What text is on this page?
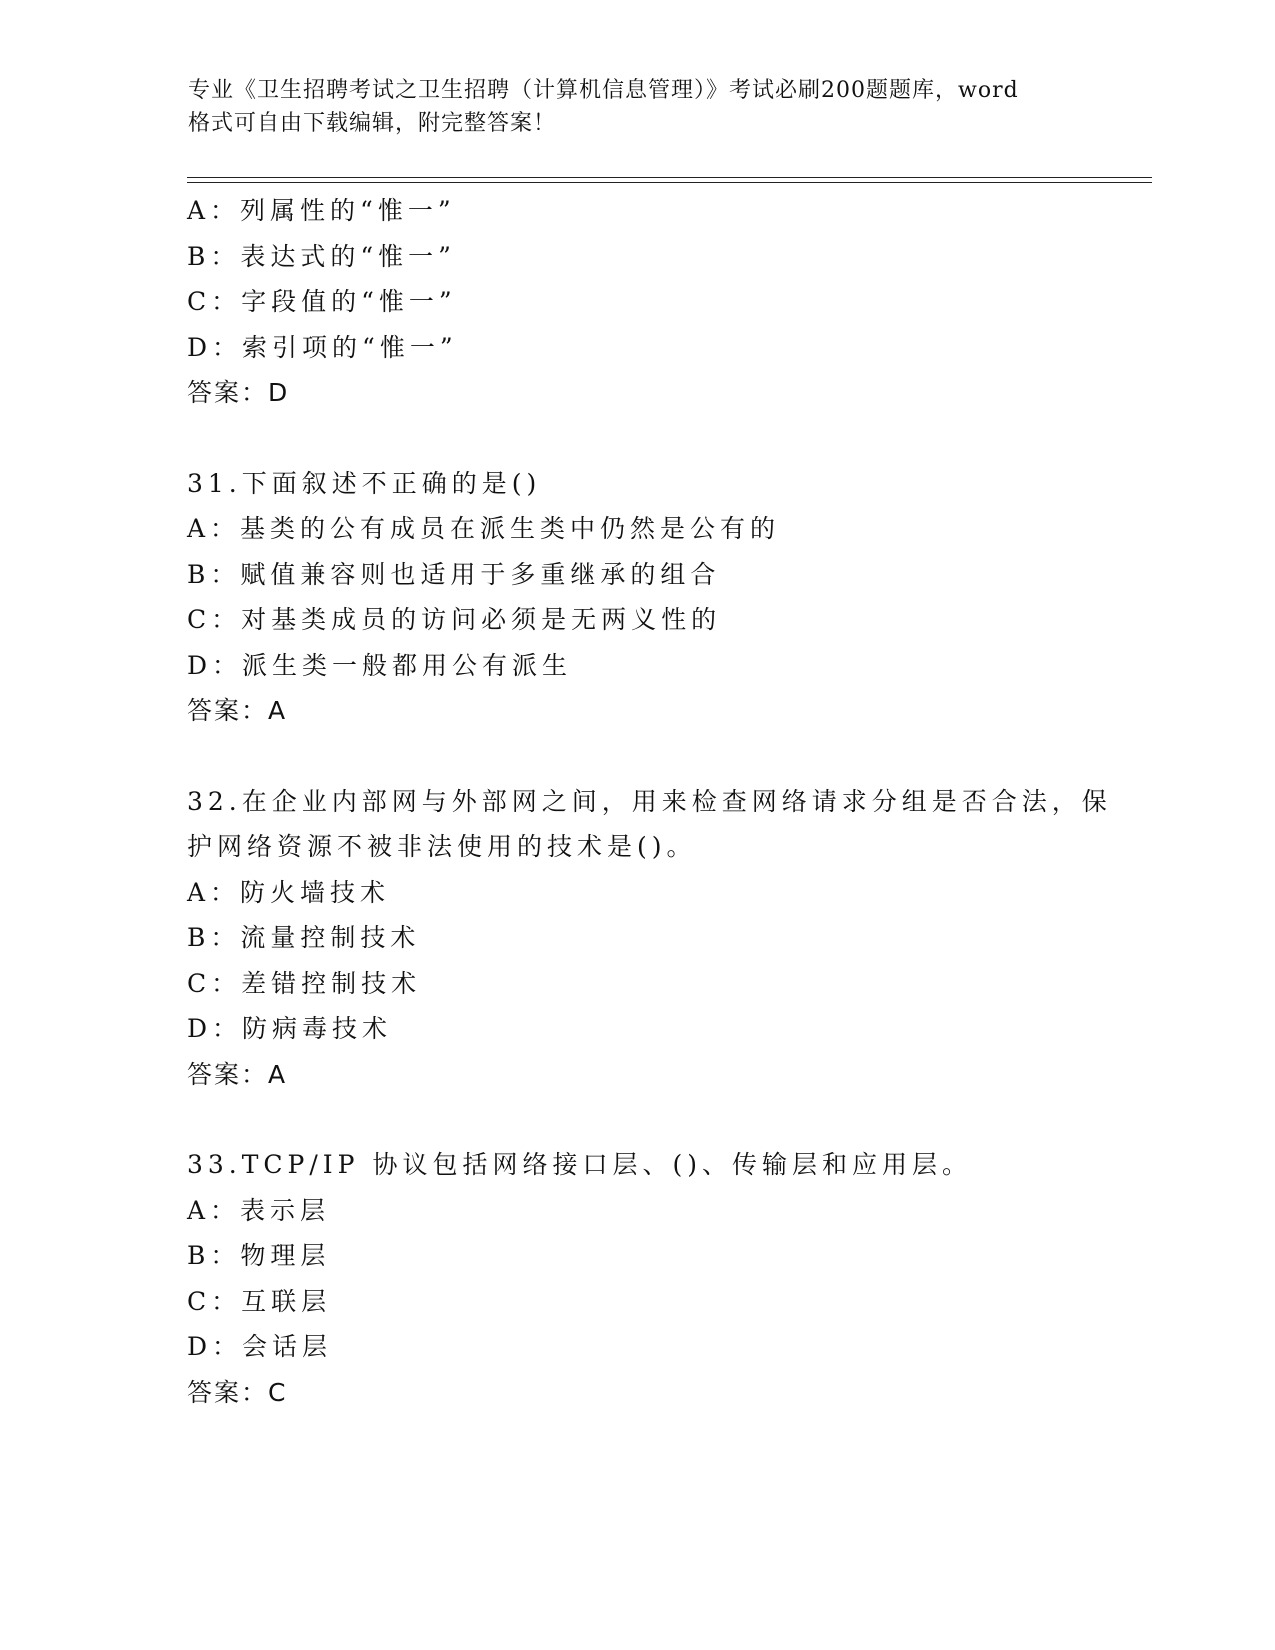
专业《卫生招聘考试之卫生招聘（计算机信息管理）》考试必刷200题题库，word
格式可自由下载编辑，附完整答案！
A：列属性的“惟一”
B：表达式的“惟一”
C：字段值的“惟一”
D：索引项的“惟一”
答案：D
31.下面叙述不正确的是()
A：基类的公有成员在派生类中仍然是公有的
B：赋值兼容则也适用于多重继承的组合
C：对基类成员的访问必须是无两义性的
D：派生类一般都用公有派生
答案：A
32.在企业内部网与外部网之间，用来检查网络请求分组是否合法，保
护网络资源不被非法使用的技术是()。
A：防火墙技术
B：流量控制技术
C：差错控制技术
D：防病毒技术
答案：A
33.TCP/IP 协议包括网络接口层、()、传输层和应用层。
A：表示层
B：物理层
C：互联层
D：会话层
答案：C
